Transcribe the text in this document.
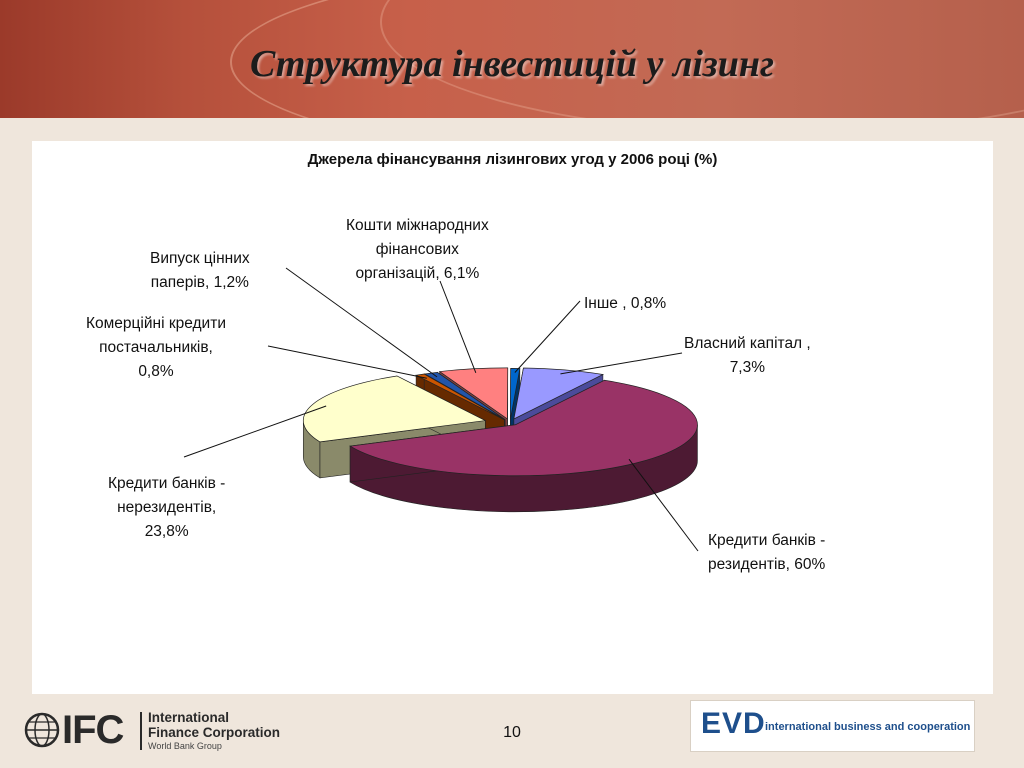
Структура інвестицій у лізинг
Джерела фінансування лізингових угод у 2006 році (%)
Власний капітал ,
7,3%
Кредити банків -
резидентів, 60%
Кредити банків -
нерезидентів,
23,8%
Комерційні кредити
постачальників,
0,8%
Випуск цінних
паперів, 1,2%
Кошти міжнародних
фінансових
організацій, 6,1%
Інше , 0,8%
IFC International
Finance Corporation
World Bank Group
10	EVD international business and cooperation
